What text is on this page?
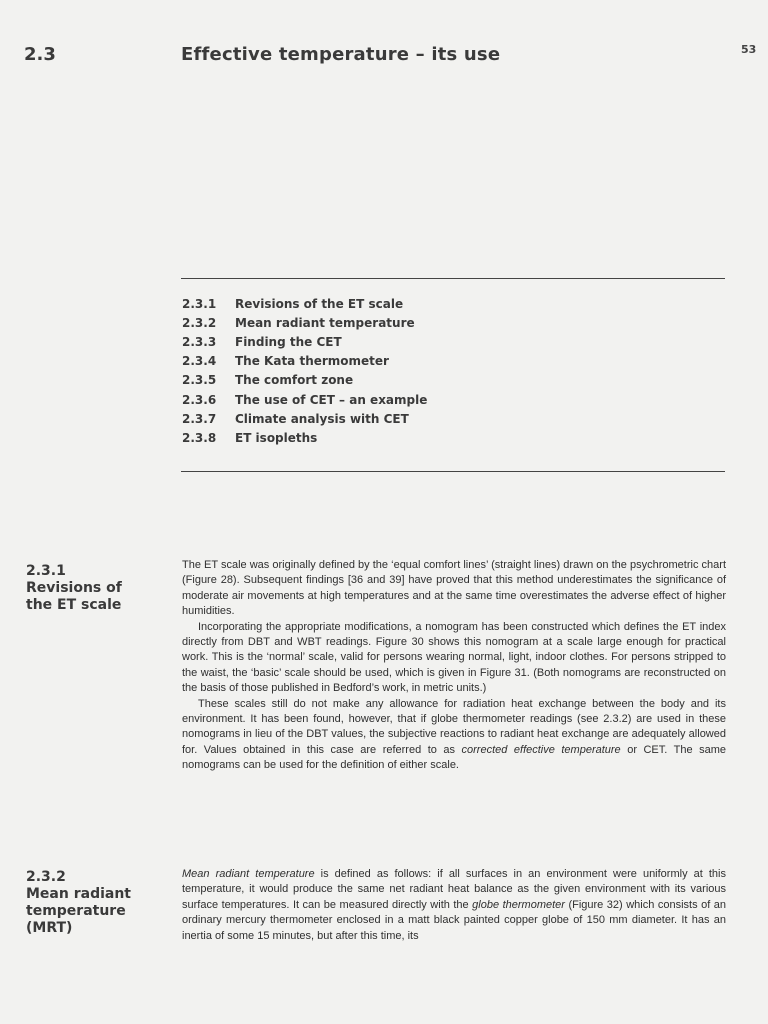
2.3	Effective temperature – its use	53
2.3.1	Revisions of the ET scale
2.3.2	Mean radiant temperature
2.3.3	Finding the CET
2.3.4	The Kata thermometer
2.3.5	The comfort zone
2.3.6	The use of CET – an example
2.3.7	Climate analysis with CET
2.3.8	ET isopleths
2.3.1
Revisions of
the ET scale

The ET scale was originally defined by the ‘equal comfort lines’ (straight lines) drawn on the psychrometric chart (Figure 28). Subsequent findings [36 and 39] have proved that this method underestimates the significance of moderate air movements at high temperatures and at the same time overestimates the adverse effect of higher humidities.

Incorporating the appropriate modifications, a nomogram has been constructed which defines the ET index directly from DBT and WBT readings. Figure 30 shows this nomogram at a scale large enough for practical work. This is the ‘normal’ scale, valid for persons wearing normal, light, indoor clothes. For persons stripped to the waist, the ‘basic’ scale should be used, which is given in Figure 31. (Both nomograms are reconstructed on the basis of those published in Bedford’s work, in metric units.)

These scales still do not make any allowance for radiation heat exchange between the body and its environment. It has been found, however, that if globe thermometer readings (see 2.3.2) are used in these nomograms in lieu of the DBT values, the subjective reactions to radiant heat exchange are adequately allowed for. Values obtained in this case are referred to as corrected effective temperature or CET. The same nomograms can be used for the definition of either scale.

2.3.2
Mean radiant
temperature
(MRT)

Mean radiant temperature is defined as follows: if all surfaces in an environment were uniformly at this temperature, it would produce the same net radiant heat balance as the given environment with its various surface temperatures. It can be measured directly with the globe thermometer (Figure 32) which consists of an ordinary mercury thermometer enclosed in a matt black painted copper globe of 150 mm diameter. It has an inertia of some 15 minutes, but after this time, its
